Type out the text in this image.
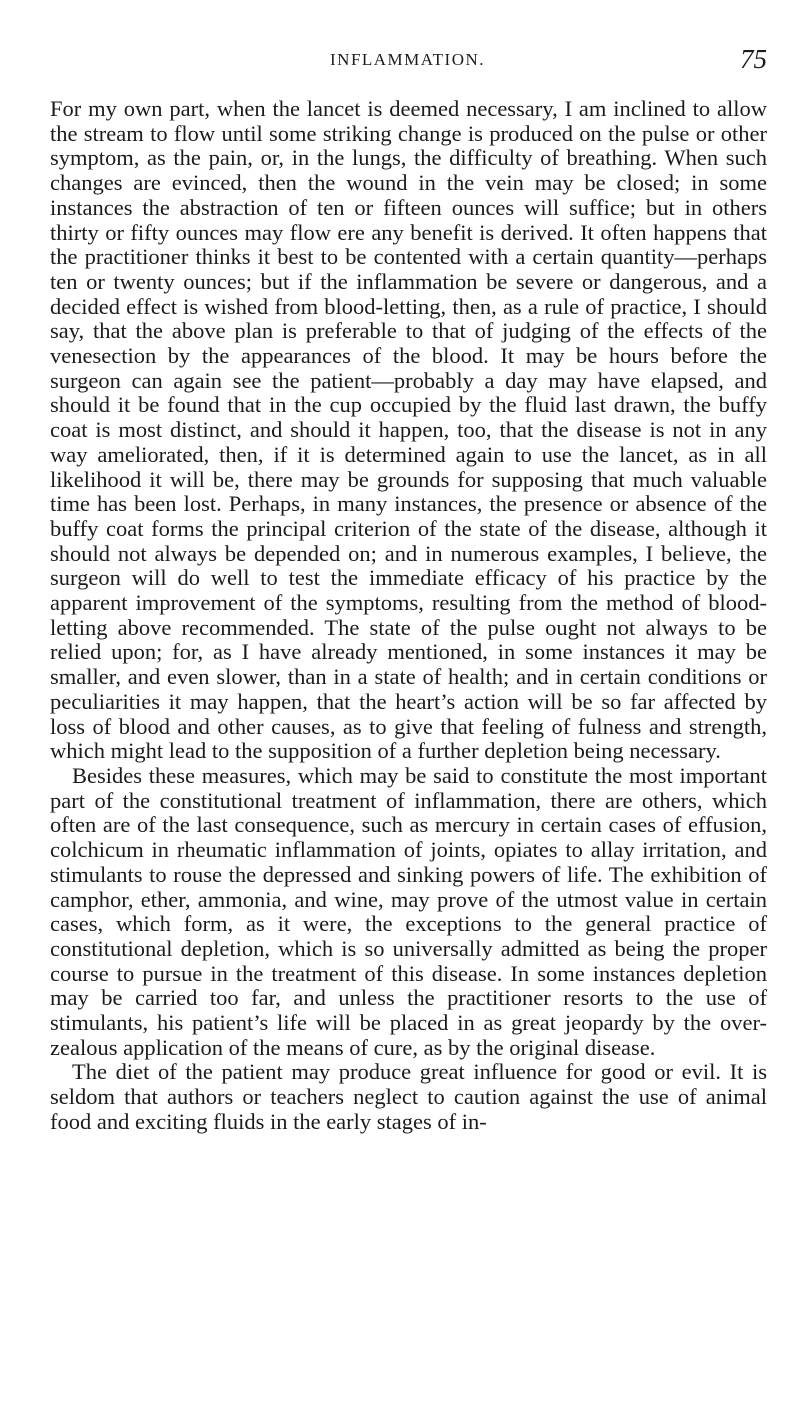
INFLAMMATION.	75

For my own part, when the lancet is deemed necessary, I am inclined to allow the stream to flow until some striking change is produced on the pulse or other symptom, as the pain, or, in the lungs, the difficulty of breathing. When such changes are evinced, then the wound in the vein may be closed; in some instances the abstraction of ten or fifteen ounces will suffice; but in others thirty or fifty ounces may flow ere any benefit is derived. It often happens that the practitioner thinks it best to be contented with a certain quantity—perhaps ten or twenty ounces; but if the inflammation be severe or dangerous, and a decided effect is wished from blood-letting, then, as a rule of practice, I should say, that the above plan is preferable to that of judging of the effects of the venesection by the appearances of the blood. It may be hours before the surgeon can again see the patient—probably a day may have elapsed, and should it be found that in the cup occupied by the fluid last drawn, the buffy coat is most distinct, and should it happen, too, that the disease is not in any way ameliorated, then, if it is determined again to use the lancet, as in all likelihood it will be, there may be grounds for supposing that much valuable time has been lost. Perhaps, in many instances, the presence or absence of the buffy coat forms the principal criterion of the state of the disease, although it should not always be depended on; and in numerous examples, I believe, the surgeon will do well to test the immediate efficacy of his practice by the apparent improvement of the symptoms, resulting from the method of blood-letting above recommended. The state of the pulse ought not always to be relied upon; for, as I have already mentioned, in some instances it may be smaller, and even slower, than in a state of health; and in certain conditions or peculiarities it may happen, that the heart’s action will be so far affected by loss of blood and other causes, as to give that feeling of fulness and strength, which might lead to the supposition of a further depletion being necessary.

Besides these measures, which may be said to constitute the most important part of the constitutional treatment of inflammation, there are others, which often are of the last consequence, such as mercury in certain cases of effusion, colchicum in rheumatic inflammation of joints, opiates to allay irritation, and stimulants to rouse the depressed and sinking powers of life. The exhibition of camphor, ether, ammonia, and wine, may prove of the utmost value in certain cases, which form, as it were, the exceptions to the general practice of constitutional depletion, which is so universally admitted as being the proper course to pursue in the treatment of this disease. In some instances depletion may be carried too far, and unless the practitioner resorts to the use of stimulants, his patient’s life will be placed in as great jeopardy by the over-zealous application of the means of cure, as by the original disease.

The diet of the patient may produce great influence for good or evil. It is seldom that authors or teachers neglect to caution against the use of animal food and exciting fluids in the early stages of in-
